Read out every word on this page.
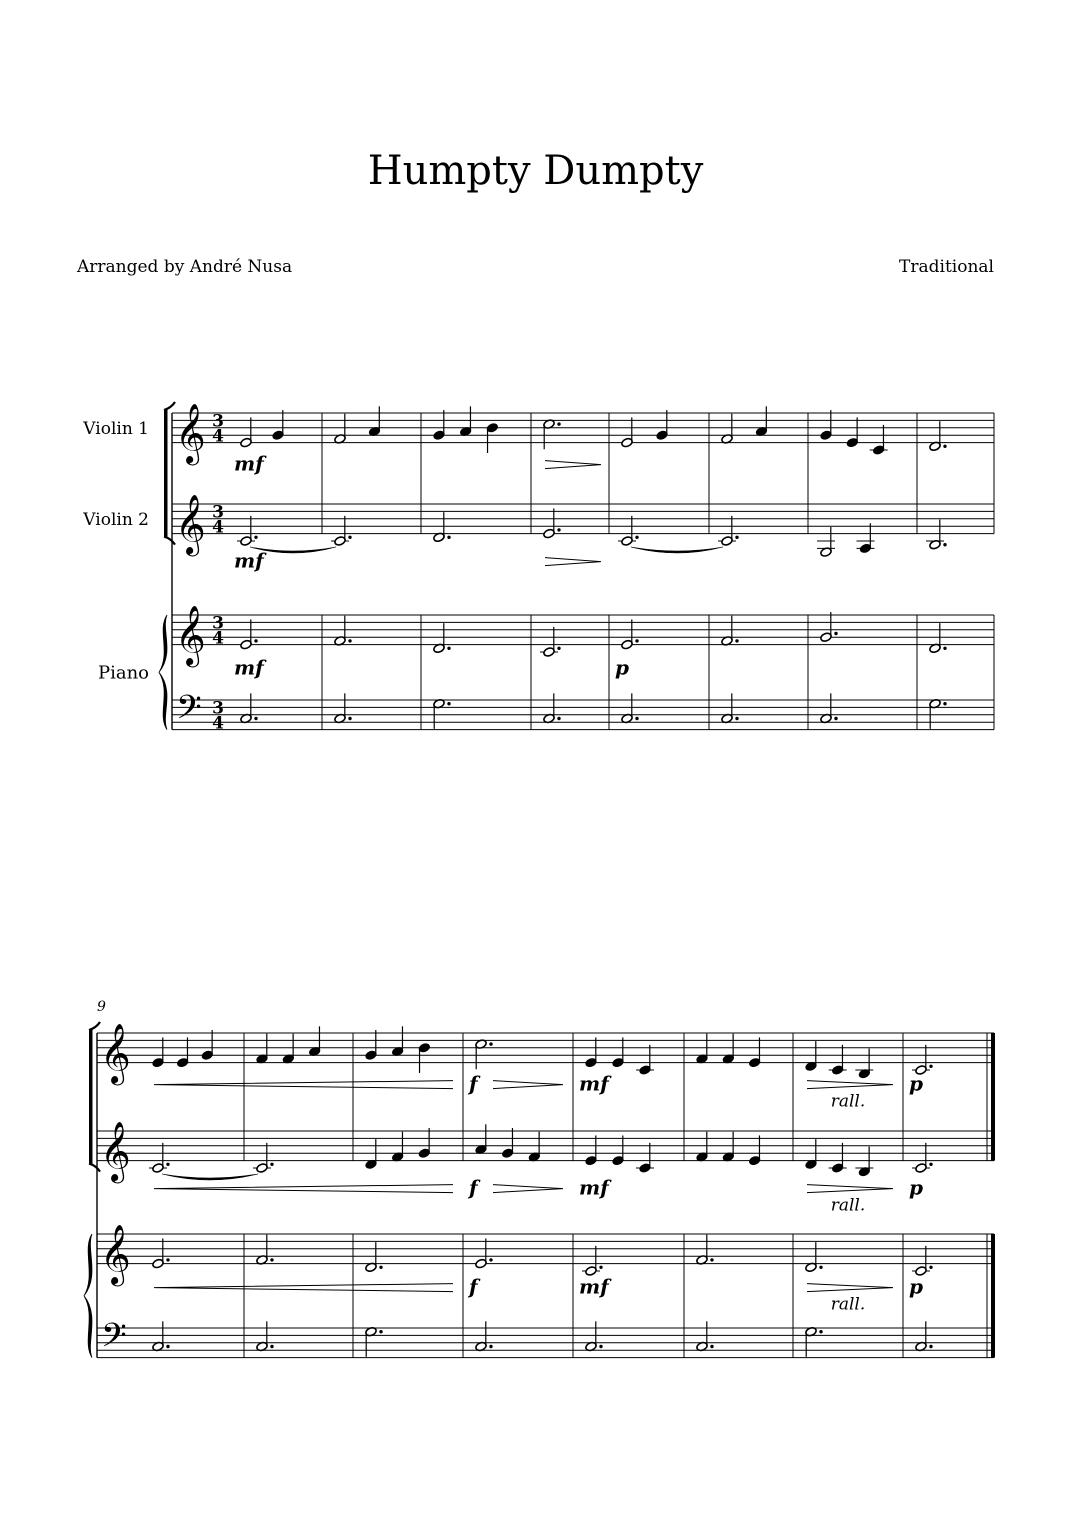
Humpty Dumpty
Arranged by André Nusa	Traditional
𝄞
𝄞
𝄞
𝄢
3
4
3
4
3
4
3
4
mf
mf
mf	p
Violin 1
Violin 2
Piano
𝄞
𝄞
𝄞
𝄢
9
f	mf	p
rall.
f	mf	p
rall.
f	mf	p
rall.
